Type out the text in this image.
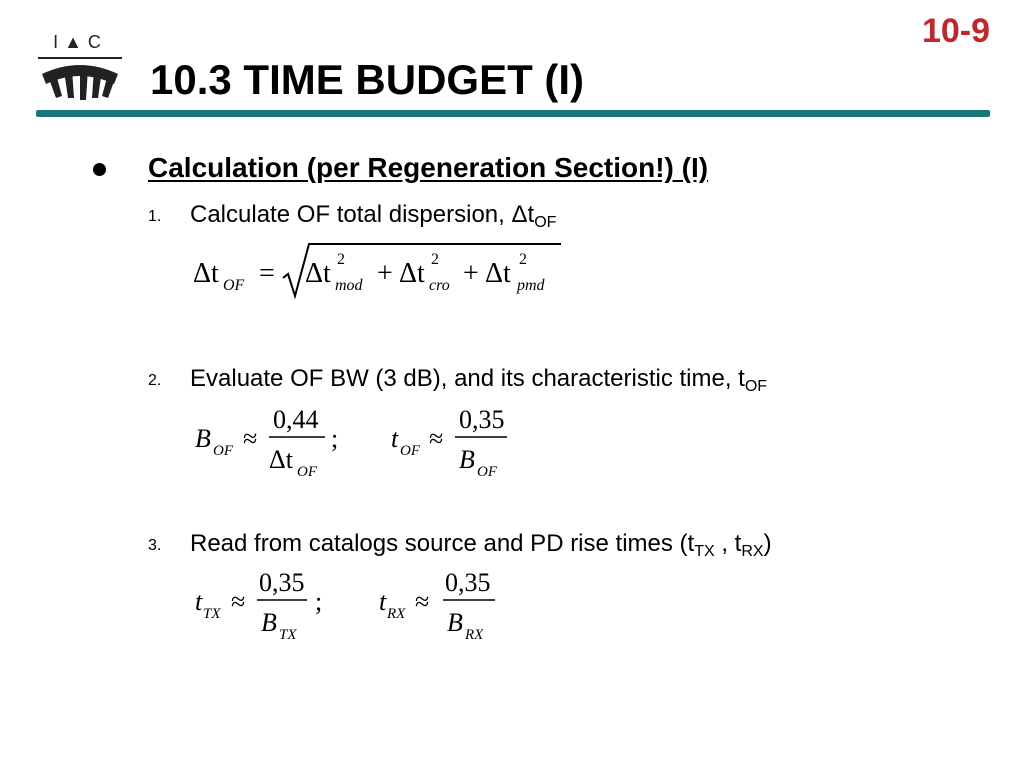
10-9
I▲C
10.3 TIME BUDGET (I)
Calculation (per Regeneration Section!) (I)
1. Calculate OF total dispersion, $\Delta t_{OF}$
Δt OF = Δt 2
mod + Δt 2
cro + Δt 2
pmd
2. Evaluate OF BW (3 dB), and its characteristic time, $t_{OF}$
B OF ≈
0,44
Δt OF
; t OF ≈
0,35
B OF
3. Read from catalogs source and PD rise times ($t_{TX}$ , $t_{RX}$)
t TX ≈
0,35
B TX
; t RX ≈
0,35
B RX
